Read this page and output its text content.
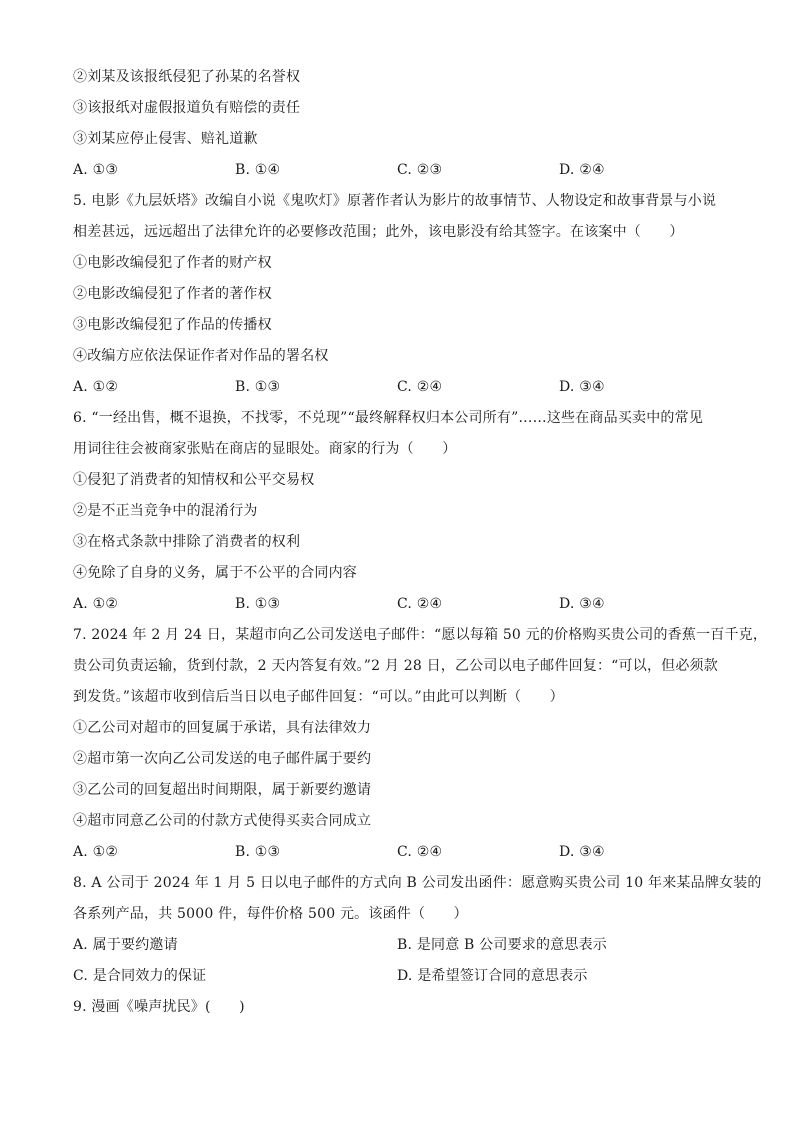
②刘某及该报纸侵犯了孙某的名誉权
③该报纸对虚假报道负有赔偿的责任
③刘某应停止侵害、赔礼道歉
A. ①③	B. ①④	C. ②③	D. ②④
5. 电影《九层妖塔》改编自小说《鬼吹灯》原著作者认为影片的故事情节、人物设定和故事背景与小说
相差甚远，远远超出了法律允许的必要修改范围；此外，该电影没有给其签字。在该案中（　　）
①电影改编侵犯了作者的财产权
②电影改编侵犯了作者的著作权
③电影改编侵犯了作品的传播权
④改编方应依法保证作者对作品的署名权
A. ①②	B. ①③	C. ②④	D. ③④
6. “一经出售，概不退换，不找零，不兑现”“最终解释权归本公司所有”……这些在商品买卖中的常见
用词往往会被商家张贴在商店的显眼处。商家的行为（　　）
①侵犯了消费者的知情权和公平交易权
②是不正当竞争中的混淆行为
③在格式条款中排除了消费者的权利
④免除了自身的义务，属于不公平的合同内容
A. ①②	B. ①③	C. ②④	D. ③④
7. 2024 年 2 月 24 日，某超市向乙公司发送电子邮件：“愿以每箱 50 元的价格购买贵公司的香蕉一百千克，
贵公司负责运输，货到付款，2 天内答复有效。”2 月 28 日，乙公司以电子邮件回复：“可以，但必须款
到发货。”该超市收到信后当日以电子邮件回复：“可以。”由此可以判断（　　）
①乙公司对超市的回复属于承诺，具有法律效力
②超市第一次向乙公司发送的电子邮件属于要约
③乙公司的回复超出时间期限，属于新要约邀请
④超市同意乙公司的付款方式使得买卖合同成立
A. ①②	B. ①③	C. ②④	D. ③④
8. A 公司于 2024 年 1 月 5 日以电子邮件的方式向 B 公司发出函件：愿意购买贵公司 10 年来某品牌女装的
各系列产品，共 5000 件，每件价格 500 元。该函件（　　）
A. 属于要约邀请	B. 是同意 B 公司要求的意思表示
C. 是合同效力的保证	D. 是希望签订合同的意思表示
9. 漫画《噪声扰民》(　　)
